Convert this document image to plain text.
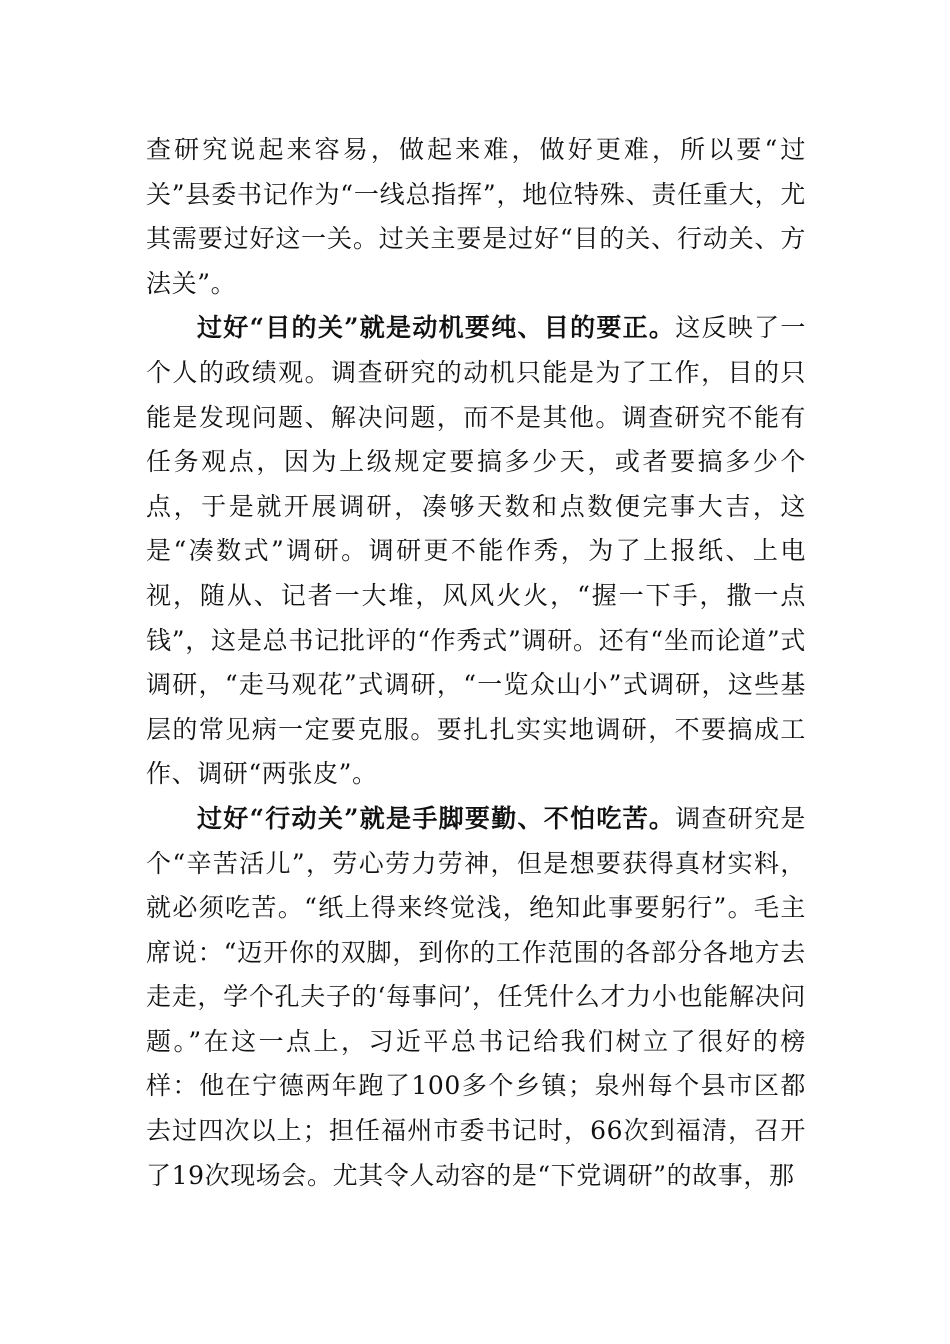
查研究说起来容易，做起来难，做好更难，所以要“过关”县委书记作为“一线总指挥”，地位特殊、责任重大，尤其需要过好这一关。过关主要是过好“目的关、行动关、方法关”。

过好“目的关”就是动机要纯、目的要正。这反映了一个人的政绩观。调查研究的动机只能是为了工作，目的只能是发现问题、解决问题，而不是其他。调查研究不能有任务观点，因为上级规定要搞多少天，或者要搞多少个点，于是就开展调研，凑够天数和点数便完事大吉，这是“凑数式”调研。调研更不能作秀，为了上报纸、上电视，随从、记者一大堆，风风火火，“握一下手，撒一点钱”，这是总书记批评的“作秀式”调研。还有“坐而论道”式调研，“走马观花”式调研，“一览众山小”式调研，这些基层的常见病一定要克服。要扎扎实实地调研，不要搞成工作、调研“两张皮”。

过好“行动关”就是手脚要勤、不怕吃苦。调查研究是个“辛苦活儿”，劳心劳力劳神，但是想要获得真材实料，就必须吃苦。“纸上得来终觉浅，绝知此事要躬行”。毛主席说：“迈开你的双脚，到你的工作范围的各部分各地方去走走，学个孔夫子的‘每事问’，任凭什么才力小也能解决问题。”在这一点上，习近平总书记给我们树立了很好的榜样：他在宁德两年跑了100多个乡镇；泉州每个县市区都去过四次以上；担任福州市委书记时，66次到福清，召开了19次现场会。尤其令人动容的是“下党调研”的故事，那
